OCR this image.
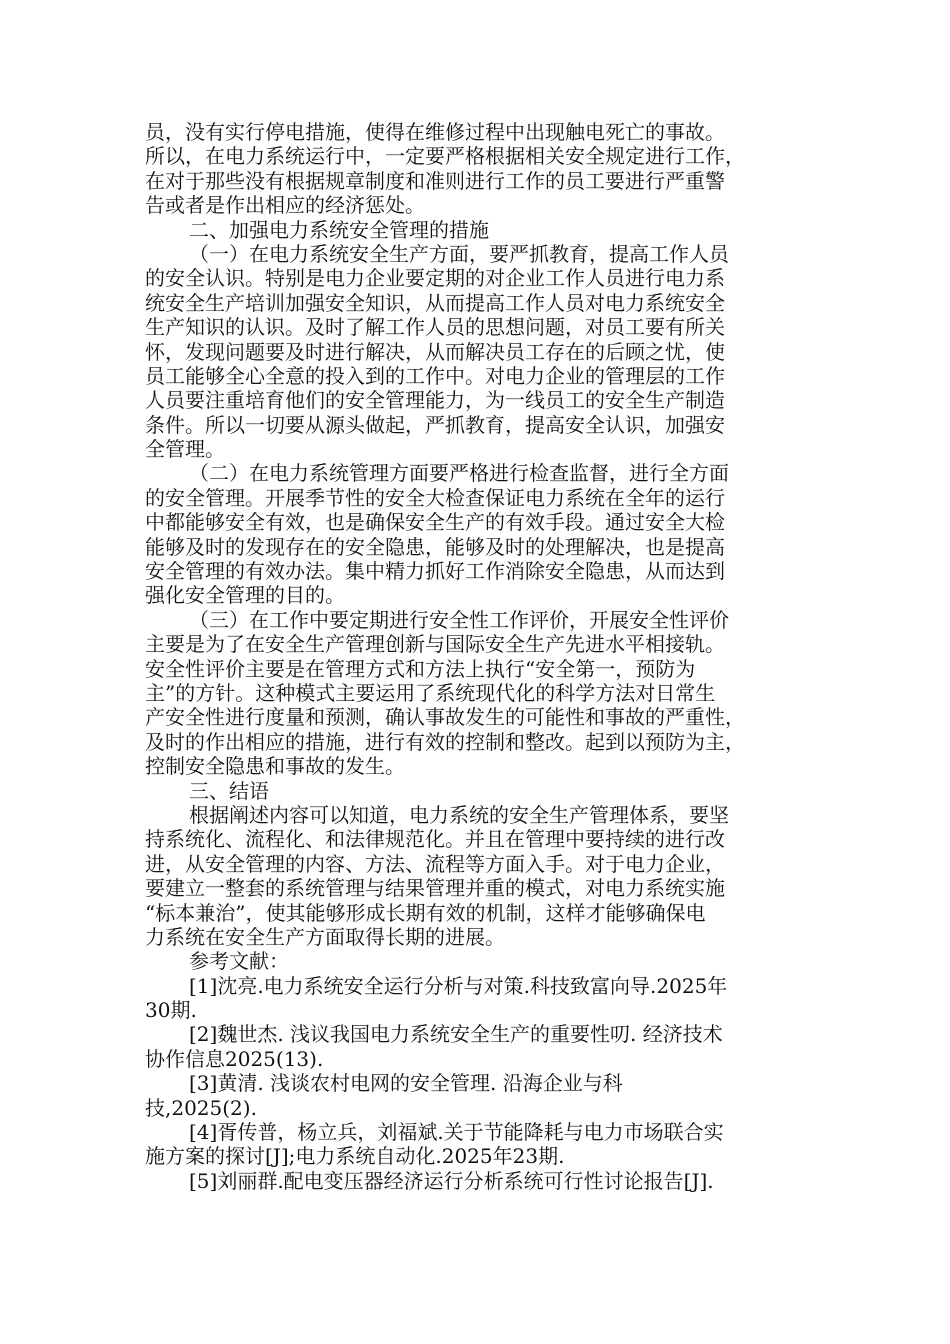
员，没有实行停电措施，使得在维修过程中出现触电死亡的事故。
所以，在电力系统运行中，一定要严格根据相关安全规定进行工作，
在对于那些没有根据规章制度和准则进行工作的员工要进行严重警
告或者是作出相应的经济惩处。
二、加强电力系统安全管理的措施
（一）在电力系统安全生产方面，要严抓教育，提高工作人员
的安全认识。特别是电力企业要定期的对企业工作人员进行电力系
统安全生产培训加强安全知识，从而提高工作人员对电力系统安全
生产知识的认识。及时了解工作人员的思想问题，对员工要有所关
怀，发现问题要及时进行解决，从而解决员工存在的后顾之忧，使
员工能够全心全意的投入到的工作中。对电力企业的管理层的工作
人员要注重培育他们的安全管理能力，为一线员工的安全生产制造
条件。所以一切要从源头做起，严抓教育，提高安全认识，加强安
全管理。
（二）在电力系统管理方面要严格进行检查监督，进行全方面
的安全管理。开展季节性的安全大检查保证电力系统在全年的运行
中都能够安全有效，也是确保安全生产的有效手段。通过安全大检
能够及时的发现存在的安全隐患，能够及时的处理解决，也是提高
安全管理的有效办法。集中精力抓好工作消除安全隐患，从而达到
强化安全管理的目的。
（三）在工作中要定期进行安全性工作评价，开展安全性评价
主要是为了在安全生产管理创新与国际安全生产先进水平相接轨。
安全性评价主要是在管理方式和方法上执行“安全第一，预防为
主”的方针。这种模式主要运用了系统现代化的科学方法对日常生
产安全性进行度量和预测，确认事故发生的可能性和事故的严重性，
及时的作出相应的措施，进行有效的控制和整改。起到以预防为主，
控制安全隐患和事故的发生。
三、结语
根据阐述内容可以知道，电力系统的安全生产管理体系，要坚
持系统化、流程化、和法律规范化。并且在管理中要持续的进行改
进，从安全管理的内容、方法、流程等方面入手。对于电力企业，
要建立一整套的系统管理与结果管理并重的模式，对电力系统实施
“标本兼治”，使其能够形成长期有效的机制，这样才能够确保电
力系统在安全生产方面取得长期的进展。
参考文献：
[1]沈亮.电力系统安全运行分析与对策.科技致富向导.2025年
30期.
[2]魏世杰. 浅议我国电力系统安全生产的重要性叨. 经济技术
协作信息2025(13).
[3]黄清. 浅谈农村电网的安全管理. 沿海企业与科
技,2025(2).
[4]胥传普，杨立兵，刘福斌.关于节能降耗与电力市场联合实
施方案的探讨[J];电力系统自动化.2025年23期.
[5]刘丽群.配电变压器经济运行分析系统可行性讨论报告[J].
